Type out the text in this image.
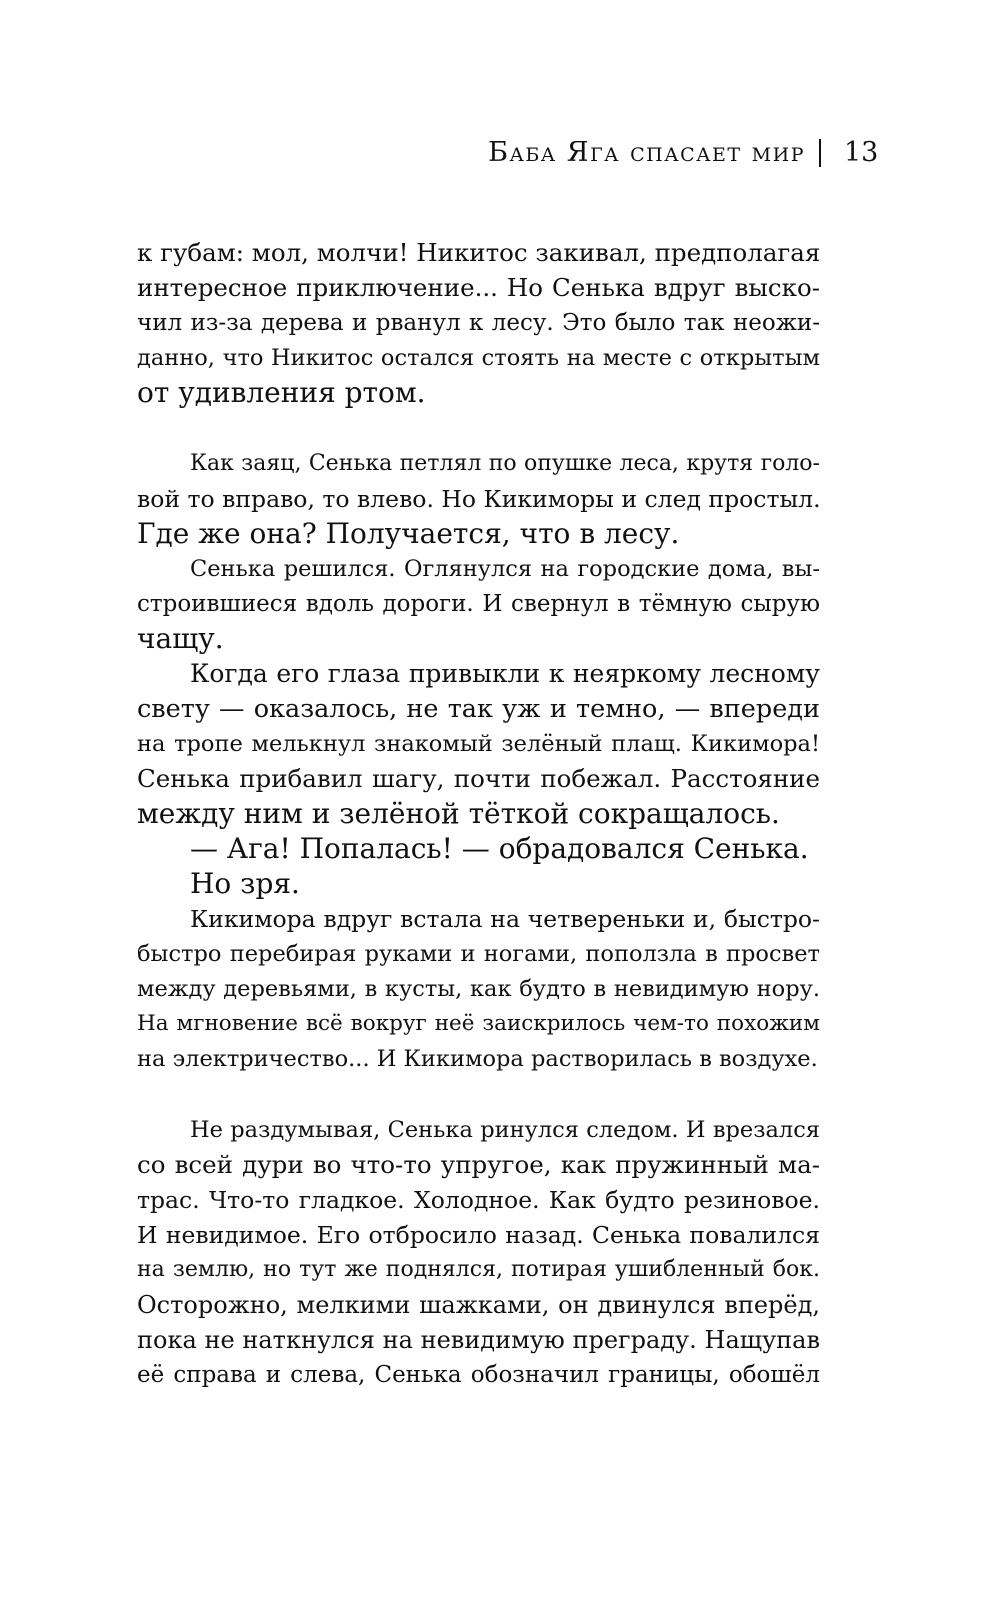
Баба Яга спасает мир 13
к губам: мол, молчи! Никитос закивал, предполагая
интересное приключение... Но Сенька вдруг выско-
чил из-за дерева и рванул к лесу. Это было так неожи-
данно, что Никитос остался стоять на месте с открытым
от удивления ртом.
Как заяц, Сенька петлял по опушке леса, крутя голо-
вой то вправо, то влево. Но Кикиморы и след простыл.
Где же она? Получается, что в лесу.
Сенька решился. Оглянулся на городские дома, вы-
строившиеся вдоль дороги. И свернул в тёмную сырую
чащу.
Когда его глаза привыкли к неяркому лесному
свету — оказалось, не так уж и темно, — впереди
на тропе мелькнул знакомый зелёный плащ. Кикимора!
Сенька прибавил шагу, почти побежал. Расстояние
между ним и зелёной тёткой сокращалось.
— Ага! Попалась! — обрадовался Сенька.
Но зря.
Кикимора вдруг встала на четвереньки и, быстро-
быстро перебирая руками и ногами, поползла в просвет
между деревьями, в кусты, как будто в невидимую нору.
На мгновение всё вокруг неё заискрилось чем-то похожим
на электричество... И Кикимора растворилась в воздухе.
Не раздумывая, Сенька ринулся следом. И врезался
со всей дури во что-то упругое, как пружинный ма-
трас. Что-то гладкое. Холодное. Как будто резиновое.
И невидимое. Его отбросило назад. Сенька повалился
на землю, но тут же поднялся, потирая ушибленный бок.
Осторожно, мелкими шажками, он двинулся вперёд,
пока не наткнулся на невидимую преграду. Нащупав
её справа и слева, Сенька обозначил границы, обошёл
